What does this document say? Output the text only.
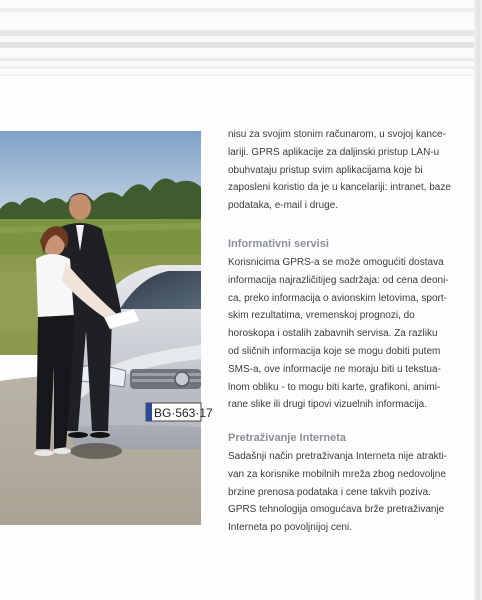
BG·563·17
nisu za svojim stonim računarom, u svojoj kance-
lariji. GPRS aplikacije za daljinski pristup LAN-u
obuhvataju pristup svim aplikacijama koje bi
zaposleni koristio da je u kancelariji: intranet, baze
podataka, e-mail i druge.
Informativni servisi
Korisnicima GPRS-a se može omogućiti dostava
informacija najrazličitijeg sadržaja: od cena deoni-
ca, preko informacija o avionskim letovima, sport-
skim rezultatima, vremenskoj prognozi, do
horoskopa i ostalih zabavnih servisa. Za razliku
od sličnih informacija koje se mogu dobiti putem
SMS-a, ove informacije ne moraju biti u tekstua-
lnom obliku - to mogu biti karte, grafikoni, animi-
rane slike ili drugi tipovi vizuelnih informacija.
Pretraživanje Interneta
Sadašnji način pretraživanja Interneta nije atrakti-
van za korisnike mobilnih mreža zbog nedovoljne
brzine prenosa podataka i cene takvih poziva.
GPRS tehnologija omogućava brže pretraživanje
Interneta po povoljnijoj ceni.
